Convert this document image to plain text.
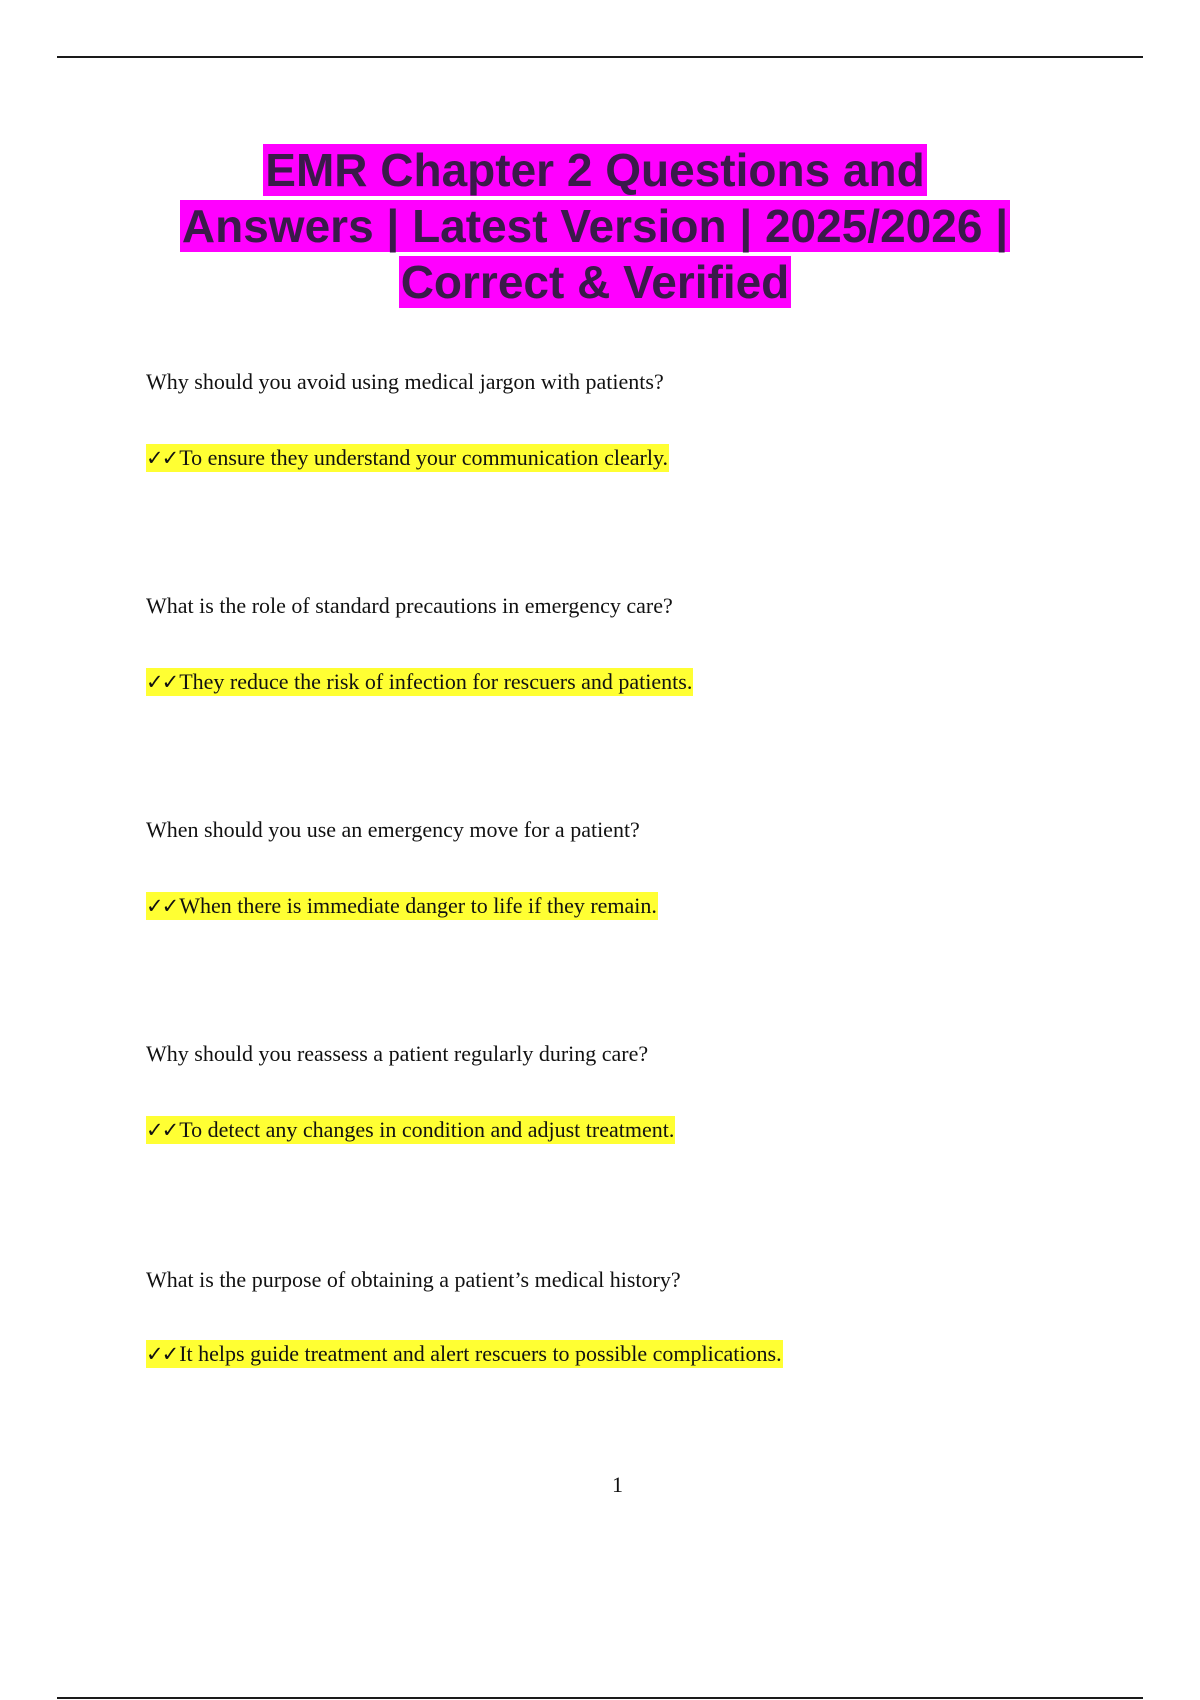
EMR Chapter 2 Questions and
Answers | Latest Version | 2025/2026 |
Correct & Verified
Why should you avoid using medical jargon with patients?
✓✓To ensure they understand your communication clearly.
What is the role of standard precautions in emergency care?
✓✓They reduce the risk of infection for rescuers and patients.
When should you use an emergency move for a patient?
✓✓When there is immediate danger to life if they remain.
Why should you reassess a patient regularly during care?
✓✓To detect any changes in condition and adjust treatment.
What is the purpose of obtaining a patient’s medical history?
✓✓It helps guide treatment and alert rescuers to possible complications.
1
